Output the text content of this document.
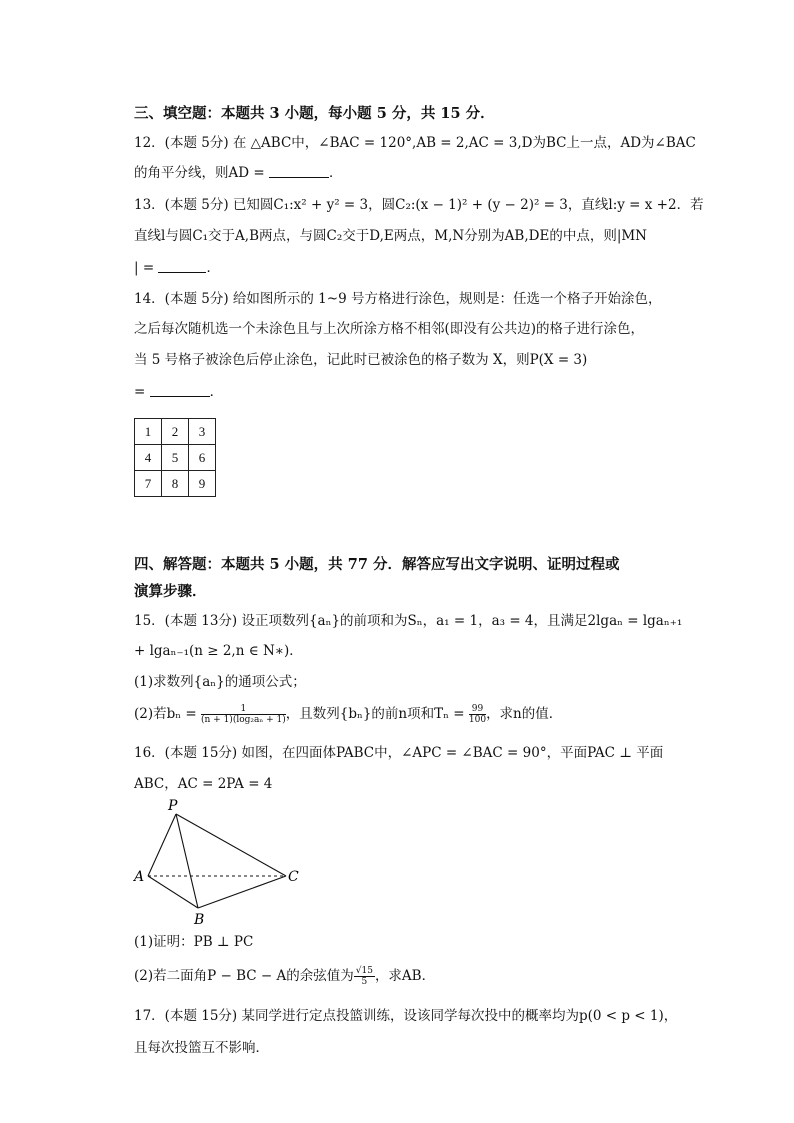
三、填空题：本题共 3 小题，每小题 5 分，共 15 分．
12．(本题 5分) 在 △ABC中，∠BAC = 120°,AB = 2,AC = 3,D为BC上一点，AD为∠BAC
的角平分线，则AD =	．
13．(本题 5分) 已知圆C₁:x² + y² = 3，圆C₂:(x − 1)² + (y − 2)² = 3，直线l:y = x +2．若
直线l与圆C₁交于A,B两点，与圆C₂交于D,E两点，M,N分别为AB,DE的中点，则|MN
| =	．
14．(本题 5分) 给如图所示的 1~9 号方格进行涂色，规则是：任选一个格子开始涂色，
之后每次随机选一个未涂色且与上次所涂方格不相邻(即没有公共边)的格子进行涂色，
当 5 号格子被涂色后停止涂色，记此时已被涂色的格子数为 X，则P(X = 3)
=	．
1	2	3
4	5	6
7	8	9
四、解答题：本题共 5 小题，共 77 分．解答应写出文字说明、证明过程或
演算步骤．
15．(本题 13分) 设正项数列{aₙ}的前项和为Sₙ，a₁ = 1，a₃ = 4，且满足2lgaₙ = lgaₙ₊₁
+ lgaₙ₋₁(n ≥ 2,n ∈ N∗)．
(1)求数列{aₙ}的通项公式；
(2)若$b_n = \frac{1}{\text{(n + 1)(log₂aₙ + 1)}}$ ，且数列{bₙ}的前n项和$T_n = \frac{99}{100}$ ，求n的值．
16．(本题 15分) 如图，在四面体PABC中，∠APC = ∠BAC = 90°，平面PAC ⊥ 平面
ABC，AC = 2PA = 4
P
A
B
C
(1)证明：PB ⊥ PC
(2)若二面角P − BC − A的余弦值为 $\frac{√15}{5}$ ，求AB．
17．(本题 15分) 某同学进行定点投篮训练，设该同学每次投中的概率均为p(0 < p < 1)，
且每次投篮互不影响．
